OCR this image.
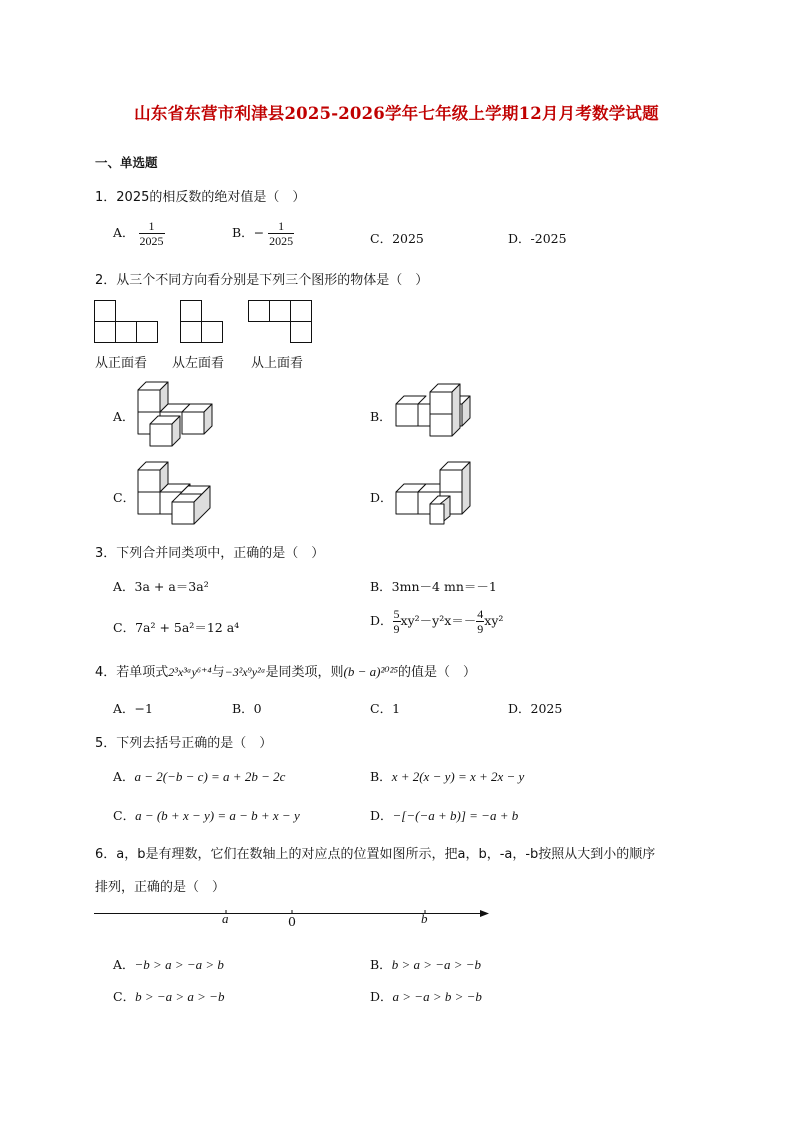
山东省东营市利津县2025-2026学年七年级上学期12月月考数学试题
一、单选题
1．2025的相反数的绝对值是（　）
A． $\frac{1}{2025}$	B．− $\frac{1}{2025}$	C．2025	D．-2025
2．从三个不同方向看分别是下列三个图形的物体是（　）
从正面看 从左面看 从上面看
A．	B．
C．	D．
3．下列合并同类项中，正确的是（　）
A．3a + a＝3a²	B．3mn－4 mn＝－1
C．7a² + 5a²＝12 a⁴	D． $\frac{5}{9} xy^2-y^2x=- \frac{4}{9} xy^2$
4．若单项式2³x³ᵃy⁶⁺⁴与−3²x⁹y²ᵃ是同类项，则(b − a)²⁰²⁵的值是（　）
A．−1	B．0	C．1	D．2025
5．下列去括号正确的是（　）
A．a − 2(−b − c) = a + 2b − 2c	B．x + 2(x − y) = x + 2x − y
C．a − (b + x − y) = a − b + x − y	D．−[−(−a + b)] = −a + b
6．a，b是有理数，它们在数轴上的对应点的位置如图所示，把a，b，-a，-b按照从大到小的顺序
排列，正确的是（　）
a	0	b
A．−b > a > −a > b	B．b > a > −a > −b
C．b > −a > a > −b	D．a > −a > b > −b
